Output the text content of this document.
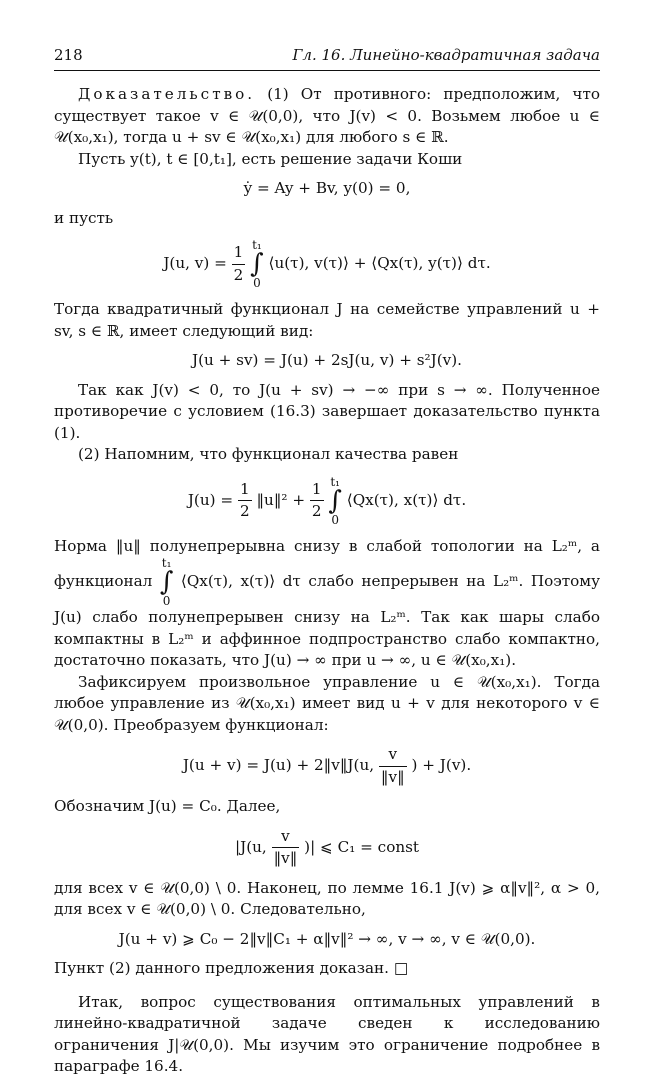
218	Гл. 16. Линейно-квадратичная задача

Доказательство. (1) От противного: предположим, что существует такое v ∈ 𝒰(0,0), что J(v) < 0. Возьмем любое u ∈ 𝒰(x₀,x₁), тогда u + sv ∈ 𝒰(x₀,x₁) для любого s ∈ ℝ.

Пусть y(t), t ∈ [0,t₁], есть решение задачи Коши

ẏ = Ay + Bv, y(0) = 0,

и пусть

J(u, $v) = \frac{1}{2} t_1$
∫
0 ⟨u(τ), v(τ)⟩ + ⟨Qx(τ), y(τ)⟩ dτ.

Тогда квадратичный функционал J на семействе управлений u + sv, s ∈ ℝ, имеет следующий вид:

J(u + sv) = J(u) + 2sJ(u, v) + s²J(v).

Так как J(v) < 0, то J(u + sv) → −∞ при s → ∞. Полученное противоречие с условием (16.3) завершает доказательство пункта (1).

(2) Напомним, что функционал качества равен

$J(u) = \frac{1}{2}$ ‖u‖² + $\frac{1}{2} t_1$
∫
0 ⟨Qx(τ), x(τ)⟩ dτ.

Норма ‖u‖ полунепрерывна снизу в слабой топологии на L₂ᵐ, а функционал t₁
∫
0 ⟨Qx(τ), x(τ)⟩ dτ слабо непрерывен на L₂ᵐ. Поэтому J(u) слабо полунепрерывен снизу на L₂ᵐ. Так как шары слабо компактны в L₂ᵐ и аффинное подпространство слабо компактно, достаточно показать, что J(u) → ∞ при u → ∞, u ∈ 𝒰(x₀,x₁).

Зафиксируем произвольное управление u ∈ 𝒰(x₀,x₁). Тогда любое управление из 𝒰(x₀,x₁) имеет вид u + v для некоторого v ∈ 𝒰(0,0). Преобразуем функционал:

J(u + v) = J(u) + 2‖v‖J(u, $\frac{v}{‖v‖}$ ) + J(v).

Обозначим J(u) = C₀. Далее,

|J(u, $\frac{v}{‖v‖}$ )| ⩽ C₁ = const

для всех v ∈ 𝒰(0,0) \ 0. Наконец, по лемме 16.1 J(v) ⩾ α‖v‖², α > 0, для всех v ∈ 𝒰(0,0) \ 0. Следовательно,

J(u + v) ⩾ C₀ − 2‖v‖C₁ + α‖v‖² → ∞, v → ∞, v ∈ 𝒰(0,0).

Пункт (2) данного предложения доказан. □

Итак, вопрос существования оптимальных управлений в линейно-квадратичной задаче сведен к исследованию ограничения J|𝒰(0,0). Мы изучим это ограничение подробнее в параграфе 16.4.
